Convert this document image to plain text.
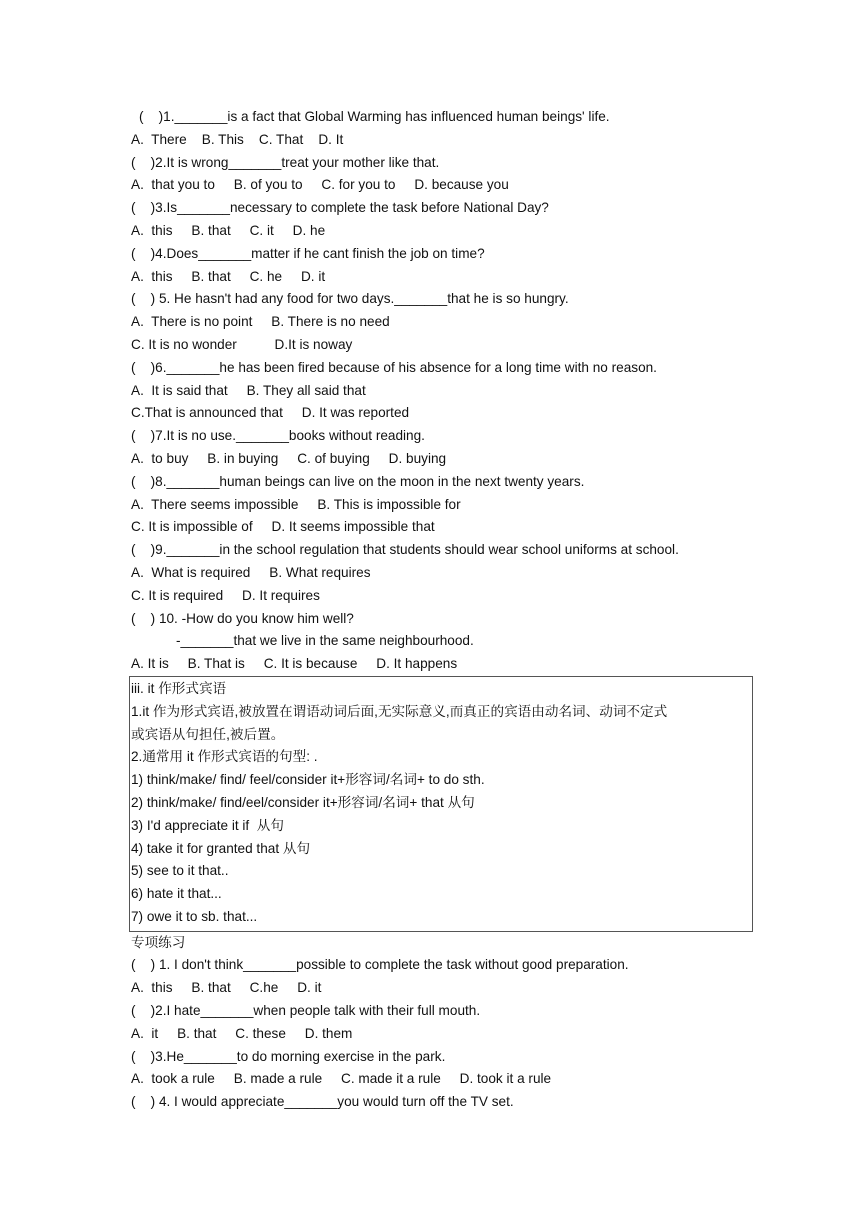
(    )1._______is a fact that Global Warming has influenced human beings' life.
A.  There    B. This    C. That    D. It
(    )2.It is wrong_______treat your mother like that.
A.  that you to     B. of you to     C. for you to     D. because you
(    )3.Is_______necessary to complete the task before National Day?
A.  this     B. that     C. it     D. he
(    )4.Does_______matter if he cant finish the job on time?
A.  this     B. that     C. he     D. it
(    ) 5. He hasn't had any food for two days._______that he is so hungry.
A.  There is no point     B. There is no need
C. It is no wonder          D.It is noway
(    )6._______he has been fired because of his absence for a long time with no reason.
A.  It is said that     B. They all said that
C.That is announced that     D. It was reported
(    )7.It is no use._______books without reading.
A.  to buy     B. in buying     C. of buying     D. buying
(    )8._______human beings can live on the moon in the next twenty years.
A.  There seems impossible     B. This is impossible for
C. It is impossible of     D. It seems impossible that
(    )9._______in the school regulation that students should wear school uniforms at school.
A.  What is required     B. What requires
C. It is required     D. It requires
(    ) 10. -How do you know him well?
-_______that we live in the same neighbourhood.
A. It is     B. That is     C. It is because     D. It happens
iii. it 作形式宾语
1.it 作为形式宾语,被放置在谓语动词后面,无实际意义,而真正的宾语由动名词、动词不定式
或宾语从句担任,被后置。
2.通常用 it 作形式宾语的句型: .
1) think/make/ find/ feel/consider it+形容词/名词+ to do sth.
2) think/make/ find/eel/consider it+形容词/名词+ that 从句
3) I'd appreciate it if  从句
4) take it for granted that 从句
5) see to it that..
6) hate it that...
7) owe it to sb. that...
专项练习
(    ) 1. I don't think_______possible to complete the task without good preparation.
A.  this     B. that     C.he     D. it
(    )2.I hate_______when people talk with their full mouth.
A.  it     B. that     C. these     D. them
(    )3.He_______to do morning exercise in the park.
A.  took a rule     B. made a rule     C. made it a rule     D. took it a rule
(    ) 4. I would appreciate_______you would turn off the TV set.
